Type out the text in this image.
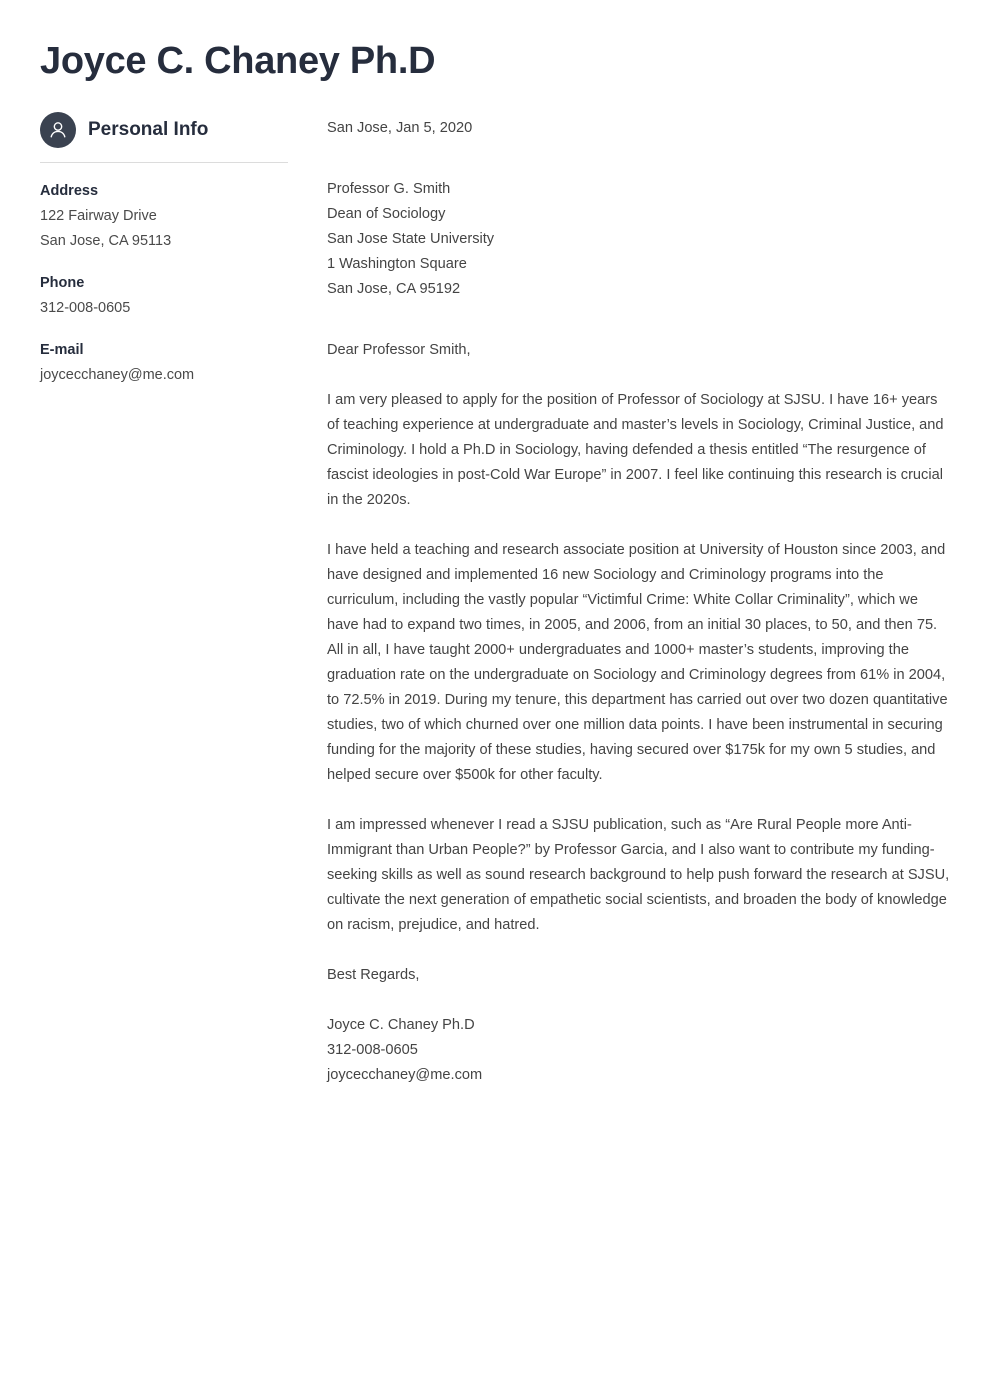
Joyce C. Chaney Ph.D
Personal Info
Address
122 Fairway Drive
San Jose, CA 95113
Phone
312-008-0605
E-mail
joycecchaney@me.com
San Jose, Jan 5, 2020
Professor G. Smith
Dean of Sociology
San Jose State University
1 Washington Square
San Jose, CA 95192
Dear Professor Smith,

I am very pleased to apply for the position of Professor of Sociology at SJSU. I have 16+ years of teaching experience at undergraduate and master’s levels in Sociology, Criminal Justice, and Criminology. I hold a Ph.D in Sociology, having defended a thesis entitled “The resurgence of fascist ideologies in post-Cold War Europe” in 2007. I feel like continuing this research is crucial in the 2020s.

I have held a teaching and research associate position at University of Houston since 2003, and have designed and implemented 16 new Sociology and Criminology programs into the curriculum, including the vastly popular “Victimful Crime: White Collar Criminality”, which we have had to expand two times, in 2005, and 2006, from an initial 30 places, to 50, and then 75. All in all, I have taught 2000+ undergraduates and 1000+ master’s students, improving the graduation rate on the undergraduate on Sociology and Criminology degrees from 61% in 2004, to 72.5% in 2019. During my tenure, this department has carried out over two dozen quantitative studies, two of which churned over one million data points. I have been instrumental in securing funding for the majority of these studies, having secured over $175k for my own 5 studies, and helped secure over $500k for other faculty.

I am impressed whenever I read a SJSU publication, such as “Are Rural People more Anti-Immigrant than Urban People?” by Professor Garcia, and I also want to contribute my funding-seeking skills as well as sound research background to help push forward the research at SJSU, cultivate the next generation of empathetic social scientists, and broaden the body of knowledge on racism, prejudice, and hatred.

Best Regards,
Joyce C. Chaney Ph.D
312-008-0605
joycecchaney@me.com
